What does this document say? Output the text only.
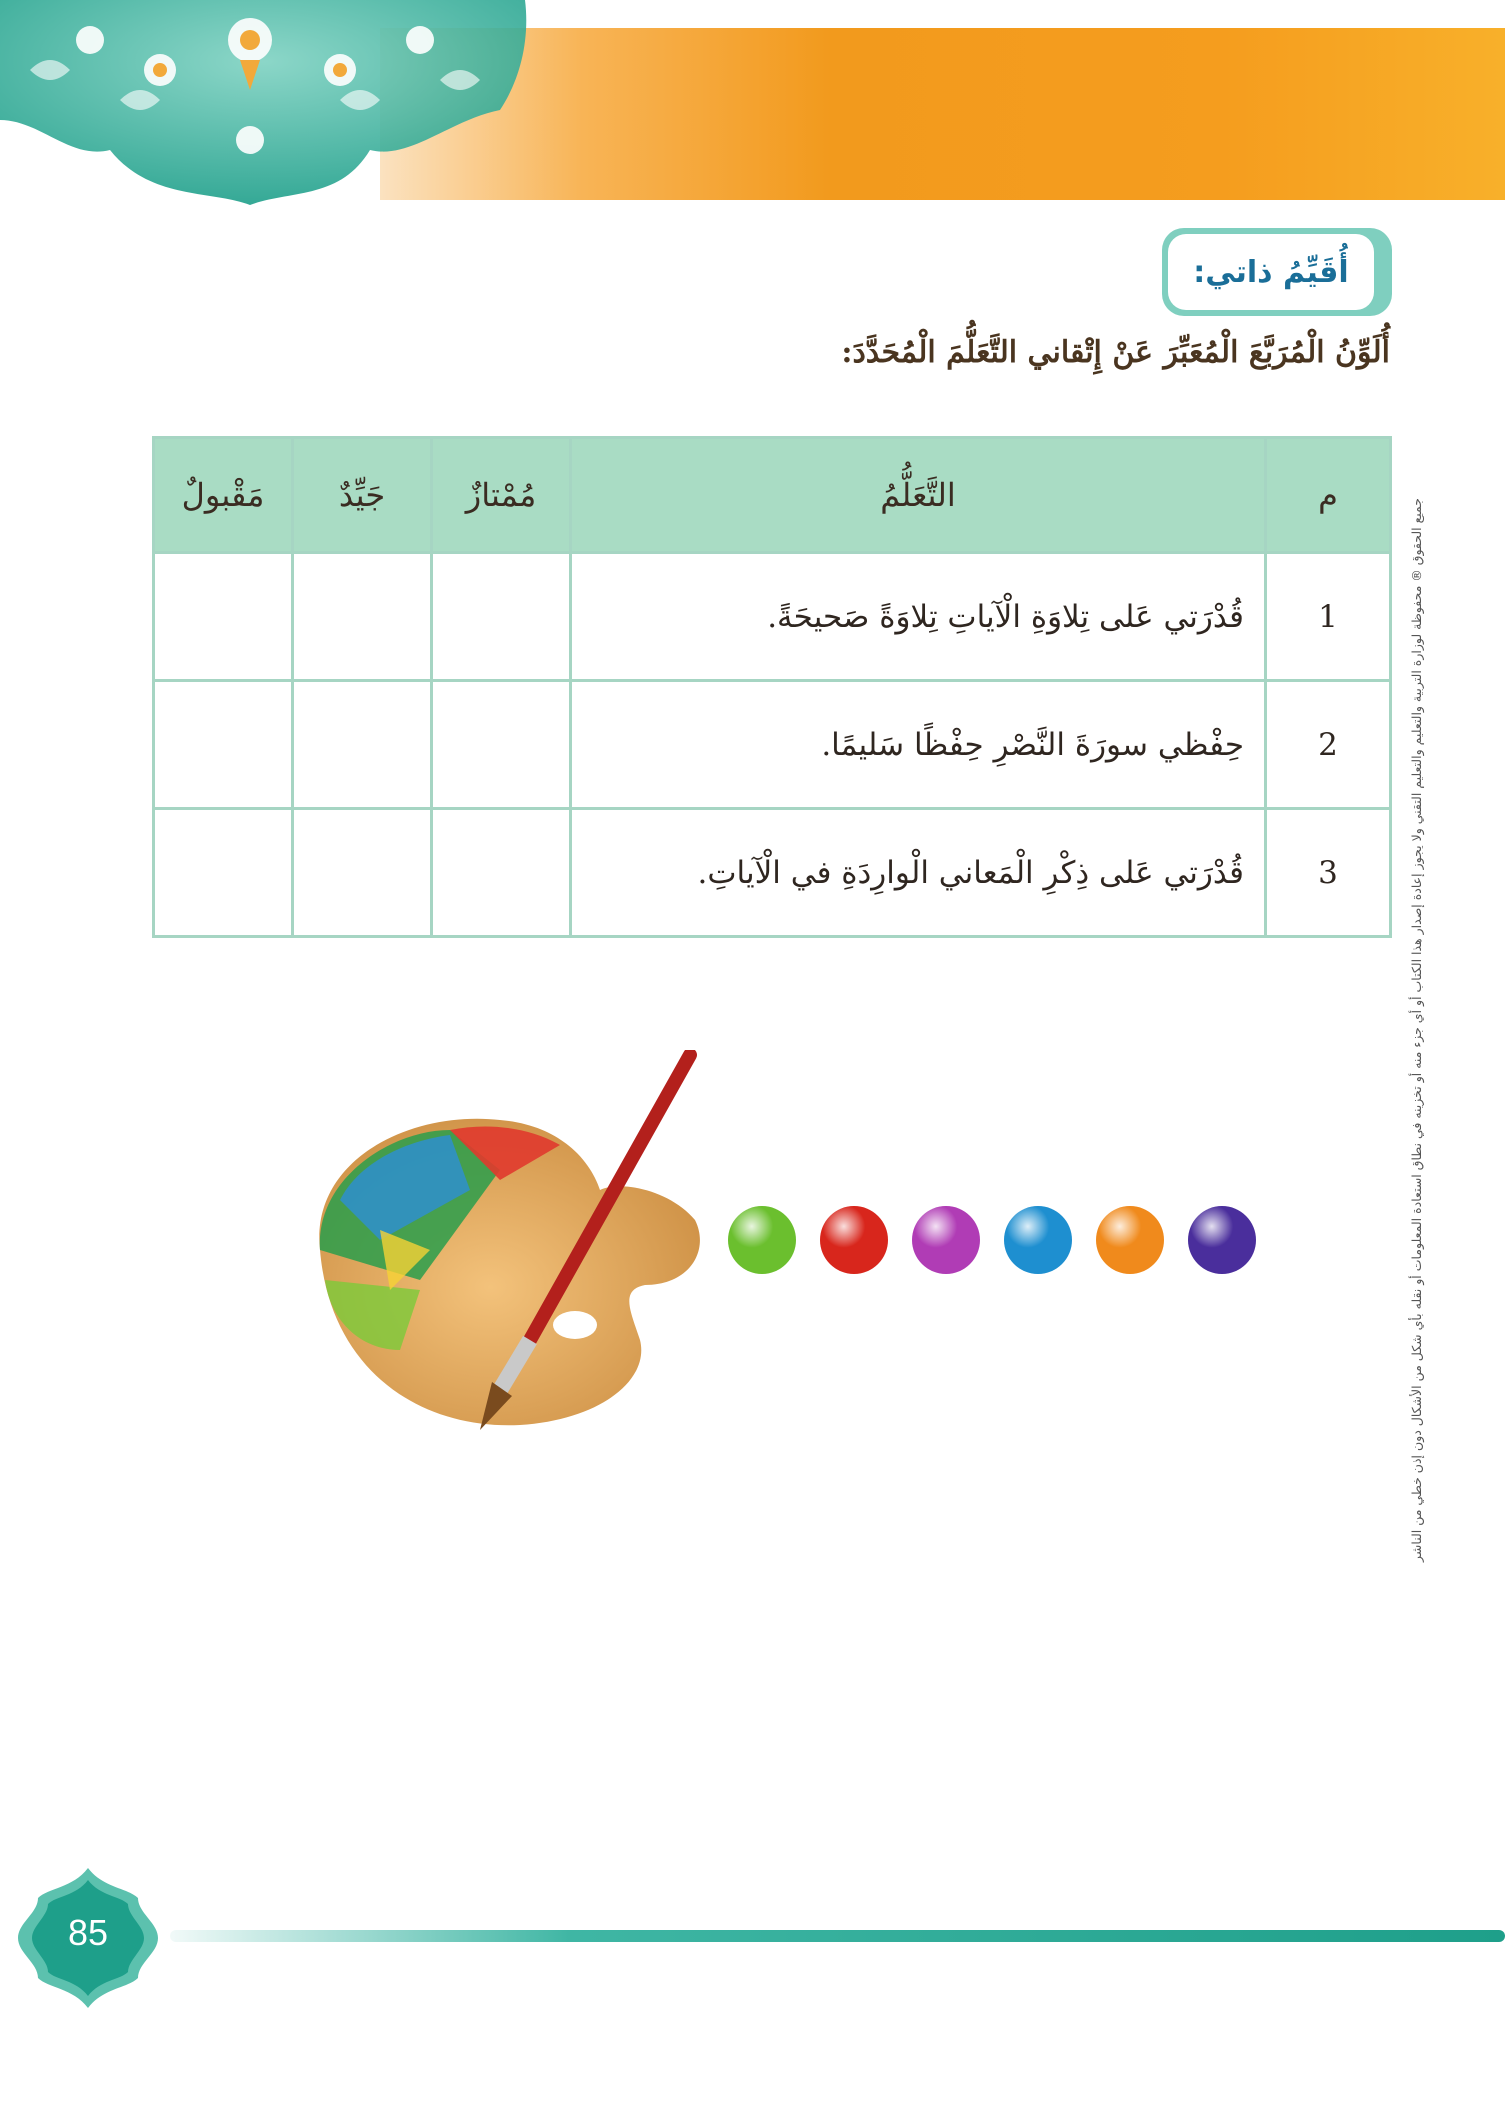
أُقَيِّمُ ذاتي:
أُلَوِّنُ الْمُرَبَّعَ الْمُعَبِّرَ عَنْ إِتْقاني التَّعَلُّمَ الْمُحَدَّدَ:
جميع الحقوق ® محفوظة لوزارة التربية والتعليم والتعليم التقني ولا يجوز إعادة إصدار هذا الكتاب أو أي جزء منه أو تخزينه في نطاق استعادة المعلومات أو نقله بأي شكل من الأشكال دون إذن خطي من الناشر
م	التَّعَلُّمُ	مُمْتازٌ	جَيِّدٌ	مَقْبولٌ
1	قُدْرَتي عَلى تِلاوَةِ الْآياتِ تِلاوَةً صَحيحَةً.			
2	حِفْظي سورَةَ النَّصْرِ حِفْظًا سَليمًا.			
3	قُدْرَتي عَلى ذِكْرِ الْمَعاني الْوارِدَةِ في الْآياتِ.			
85
